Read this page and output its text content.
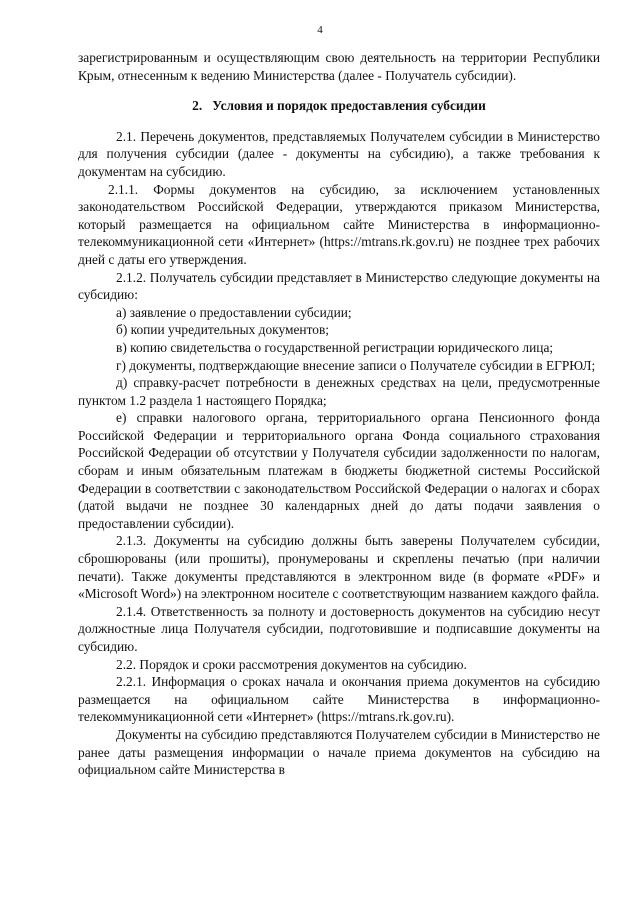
4

зарегистрированным и осуществляющим свою деятельность на территории Республики Крым, отнесенным к ведению Министерства (далее - Получатель субсидии).

2. Условия и порядок предоставления субсидии

2.1. Перечень документов, представляемых Получателем субсидии в Министерство для получения субсидии (далее - документы на субсидию), а также требования к документам на субсидию.

2.1.1. Формы документов на субсидию, за исключением установленных законодательством Российской Федерации, утверждаются приказом Министерства, который размещается на официальном сайте Министерства в информационно-телекоммуникационной сети «Интернет» (https://mtrans.rk.gov.ru) не позднее трех рабочих дней с даты его утверждения.

2.1.2. Получатель субсидии представляет в Министерство следующие документы на субсидию:

а) заявление о предоставлении субсидии;

б) копии учредительных документов;

в) копию свидетельства о государственной регистрации юридического лица;

г) документы, подтверждающие внесение записи о Получателе субсидии в ЕГРЮЛ;

д) справку-расчет потребности в денежных средствах на цели, предусмотренные пунктом 1.2 раздела 1 настоящего Порядка;

е) справки налогового органа, территориального органа Пенсионного фонда Российской Федерации и территориального органа Фонда социального страхования Российской Федерации об отсутствии у Получателя субсидии задолженности по налогам, сборам и иным обязательным платежам в бюджеты бюджетной системы Российской Федерации в соответствии с законодательством Российской Федерации о налогах и сборах (датой выдачи не позднее 30 календарных дней до даты подачи заявления о предоставлении субсидии).

2.1.3. Документы на субсидию должны быть заверены Получателем субсидии, сброшюрованы (или прошиты), пронумерованы и скреплены печатью (при наличии печати). Также документы представляются в электронном виде (в формате «PDF» и «Microsoft Word») на электронном носителе с соответствующим названием каждого файла.

2.1.4. Ответственность за полноту и достоверность документов на субсидию несут должностные лица Получателя субсидии, подготовившие и подписавшие документы на субсидию.

2.2. Порядок и сроки рассмотрения документов на субсидию.

2.2.1. Информация о сроках начала и окончания приема документов на субсидию размещается на официальном сайте Министерства в информационно-телекоммуникационной сети «Интернет» (https://mtrans.rk.gov.ru).

Документы на субсидию представляются Получателем субсидии в Министерство не ранее даты размещения информации о начале приема документов на субсидию на официальном сайте Министерства в
